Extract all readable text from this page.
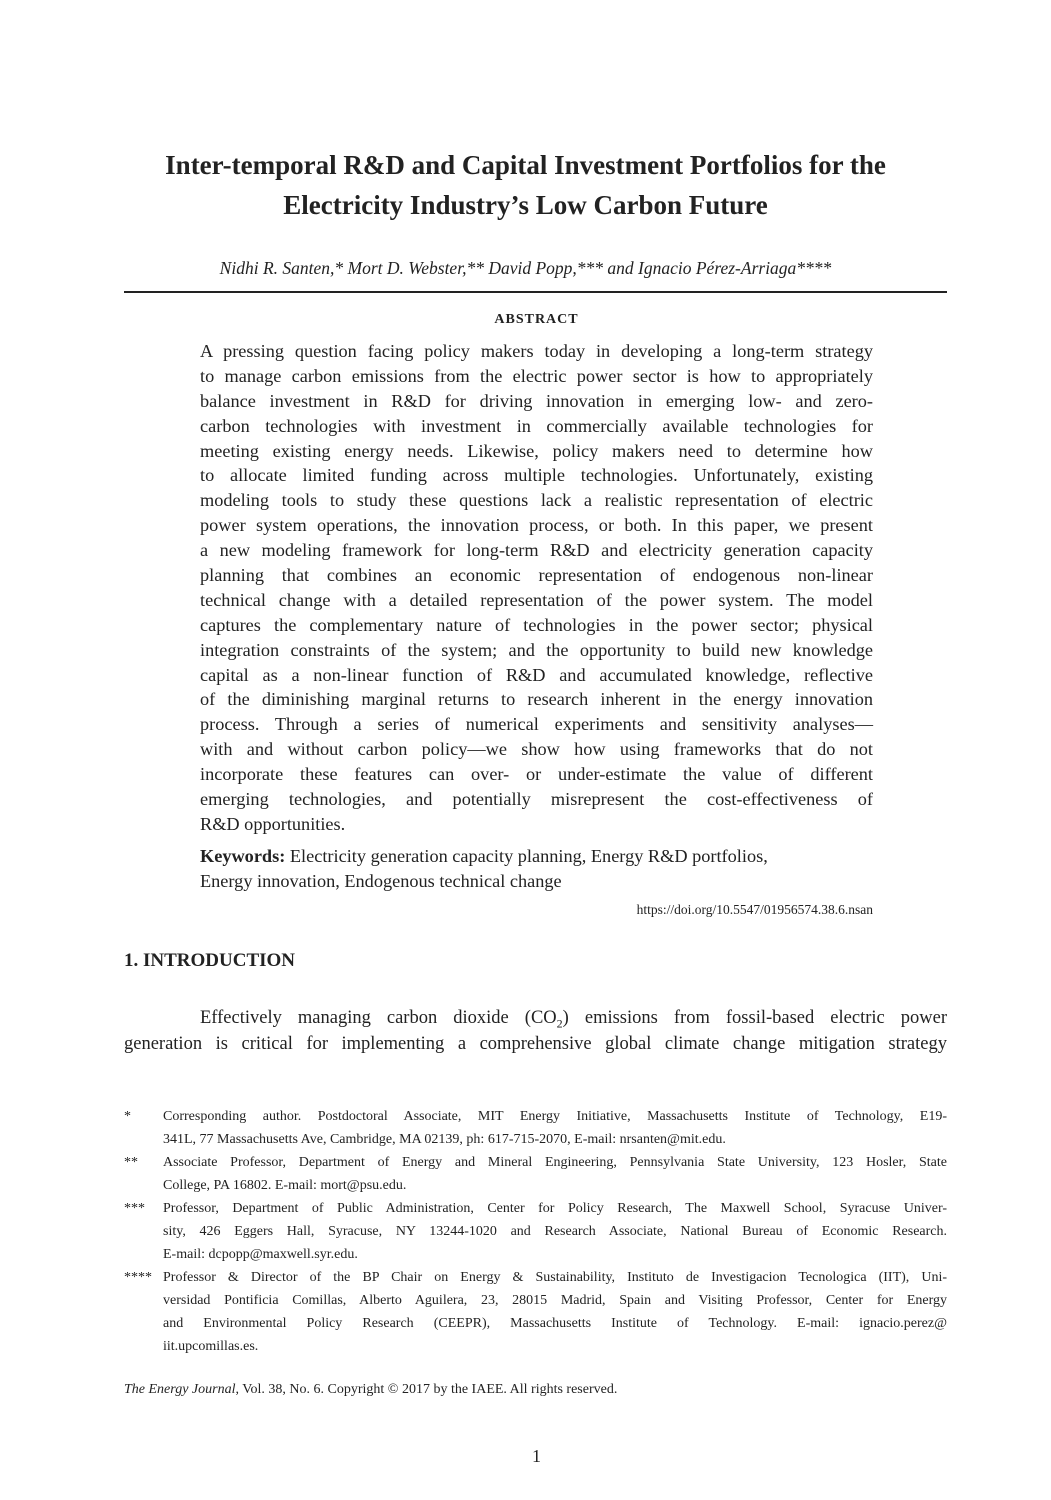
Inter-temporal R&D and Capital Investment Portfolios for the
Electricity Industry’s Low Carbon Future
Nidhi R. Santen,* Mort D. Webster,** David Popp,*** and Ignacio Pérez-Arriaga****
ABSTRACT
A pressing question facing policy makers today in developing a long-term strategy
to manage carbon emissions from the electric power sector is how to appropriately
balance investment in R&D for driving innovation in emerging low- and zero-
carbon technologies with investment in commercially available technologies for
meeting existing energy needs. Likewise, policy makers need to determine how
to allocate limited funding across multiple technologies. Unfortunately, existing
modeling tools to study these questions lack a realistic representation of electric
power system operations, the innovation process, or both. In this paper, we present
a new modeling framework for long-term R&D and electricity generation capacity
planning that combines an economic representation of endogenous non-linear
technical change with a detailed representation of the power system. The model
captures the complementary nature of technologies in the power sector; physical
integration constraints of the system; and the opportunity to build new knowledge
capital as a non-linear function of R&D and accumulated knowledge, reflective
of the diminishing marginal returns to research inherent in the energy innovation
process. Through a series of numerical experiments and sensitivity analyses—
with and without carbon policy—we show how using frameworks that do not
incorporate these features can over- or under-estimate the value of different
emerging technologies, and potentially misrepresent the cost-effectiveness of
R&D opportunities.
Keywords: Electricity generation capacity planning, Energy R&D portfolios,
Energy innovation, Endogenous technical change
https://doi.org/10.5547/01956574.38.6.nsan
1. INTRODUCTION
Effectively managing carbon dioxide $(CO_2)$ emissions from fossil-based electric power
generation is critical for implementing a comprehensive global climate change mitigation strategy
* Corresponding author. Postdoctoral Associate, MIT Energy Initiative, Massachusetts Institute of Technology, E19-
341L, 77 Massachusetts Ave, Cambridge, MA 02139, ph: 617-715-2070, E-mail: nrsanten@mit.edu.
** Associate Professor, Department of Energy and Mineral Engineering, Pennsylvania State University, 123 Hosler, State
College, PA 16802. E-mail: mort@psu.edu.
*** Professor, Department of Public Administration, Center for Policy Research, The Maxwell School, Syracuse Univer-
sity, 426 Eggers Hall, Syracuse, NY 13244-1020 and Research Associate, National Bureau of Economic Research.
E-mail: dcpopp@maxwell.syr.edu.
**** Professor & Director of the BP Chair on Energy & Sustainability, Instituto de Investigacion Tecnologica (IIT), Uni-
versidad Pontificia Comillas, Alberto Aguilera, 23, 28015 Madrid, Spain and Visiting Professor, Center for Energy
and Environmental Policy Research (CEEPR), Massachusetts Institute of Technology. E-mail: ignacio.perez@
iit.upcomillas.es.
The Energy Journal, Vol. 38, No. 6. Copyright © 2017 by the IAEE. All rights reserved.
1
